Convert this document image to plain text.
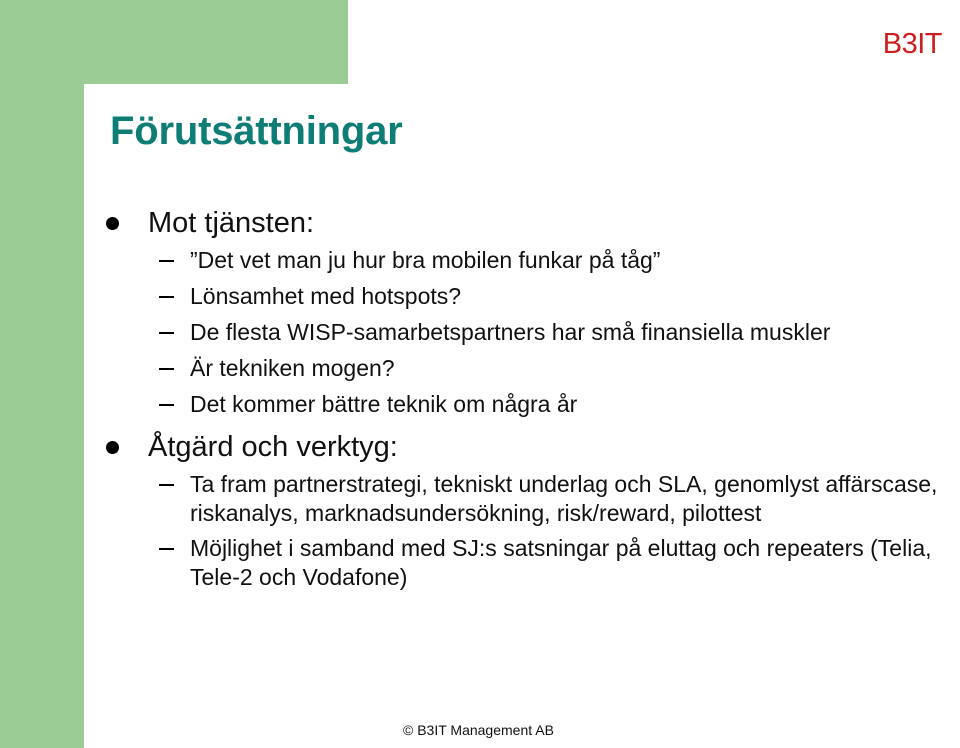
B3IT
Förutsättningar
Mot tjänsten:
”Det vet man ju hur bra mobilen funkar på tåg”
Lönsamhet med hotspots?
De flesta WISP-samarbetspartners har små finansiella muskler
Är tekniken mogen?
Det kommer bättre teknik om några år
Åtgärd och verktyg:
Ta fram partnerstrategi, tekniskt underlag och SLA, genomlyst affärscase, riskanalys, marknadsundersökning, risk/reward, pilottest
Möjlighet i samband med SJ:s satsningar på eluttag och repeaters (Telia, Tele-2 och Vodafone)
© B3IT Management AB
